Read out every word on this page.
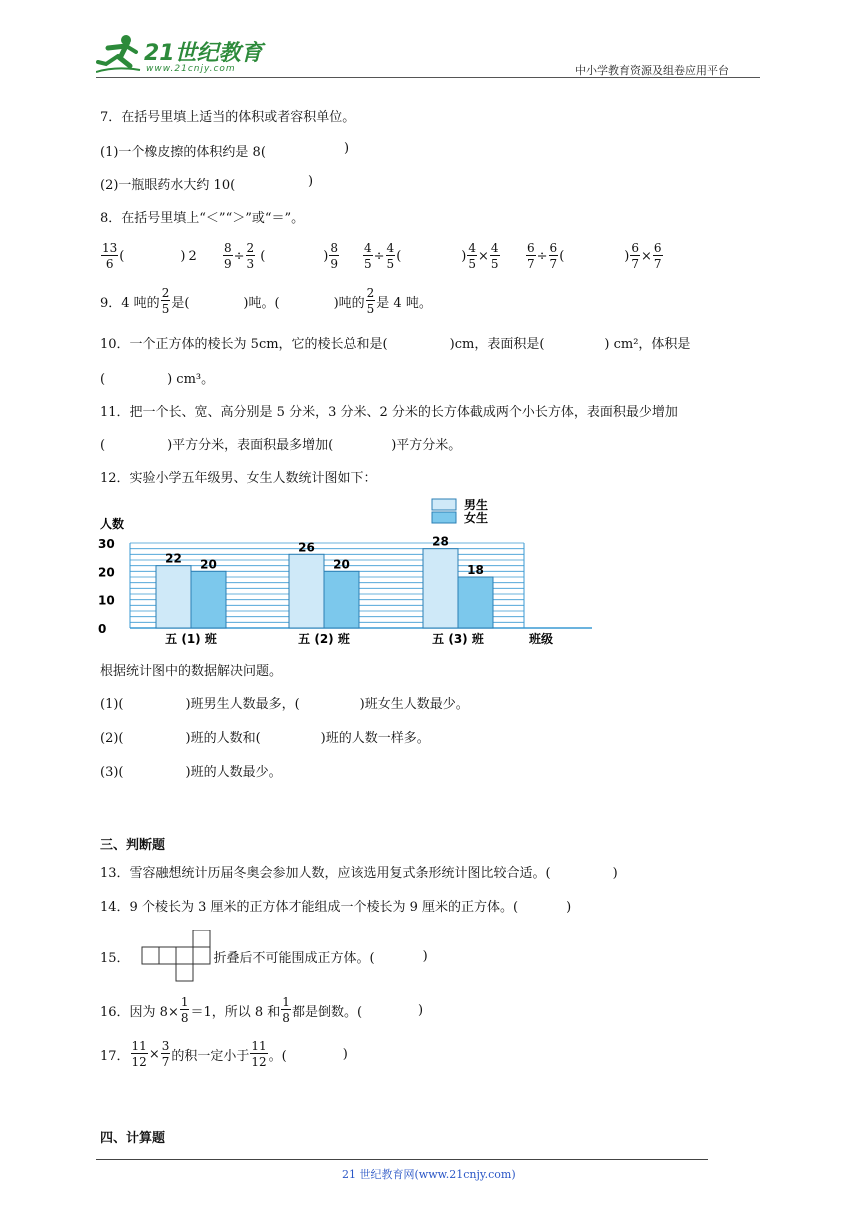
21世纪教育
www.21cnjy.com	中小学教育资源及组卷应用平台
7．在括号里填上适当的体积或者容积单位。
(1)一个橡皮擦的体积约是 8(	)
(2)一瓶眼药水大约 10(	)
8．在括号里填上“＜”“＞”或“＝”。
$\frac{13}{6}$ (	) $2 \frac{8}{9} \div \frac{2}{3}$ (	) $\frac{8}{9} \frac{4}{5} \div \frac{4}{5}$ (	) $\frac{4}{5} \times \frac{4}{5} \frac{6}{7} \div \frac{6}{7}$ (	) $\frac{6}{7} \times \frac{6}{7}$
9．4 吨的 $\frac{2}{5}$ 是(	)吨。(	)吨的 $\frac{2}{5}$ 是 4 吨。
10．一个正方体的棱长为 5cm，它的棱长总和是(	)cm，表面积是(	) cm²，体积是
(	) cm³。
11．把一个长、宽、高分别是 5 分米，3 分米、2 分米的长方体截成两个小长方体，表面积最少增加
(	)平方分米，表面积最多增加(	)平方分米。
12．实验小学五年级男、女生人数统计图如下：
0
10
20
30
22 20
五 (1) 班
26
20
五 (2) 班
28
18
五 (3) 班
男生
女生
人数
班级
根据统计图中的数据解决问题。
(1)(	)班男生人数最多，(	)班女生人数最少。
(2)(	)班的人数和(	)班的人数一样多。
(3)(	)班的人数最少。
三、判断题
13．雪容融想统计历届冬奥会参加人数，应该选用复式条形统计图比较合适。(	)
14．9 个棱长为 3 厘米的正方体才能组成一个棱长为 9 厘米的正方体。(	)
15．	折叠后不可能围成正方体。(	)
16．因为 $8\times \frac{1}{8} =1$，所以 8 和 $\frac{1}{8}$ 都是倒数。(	)
17． $\frac{11}{12} \times \frac{3}{7}$ 的积一定小于 $\frac{11}{12}$ 。(	)
四、计算题
21 世纪教育网(www.21cnjy.com)
